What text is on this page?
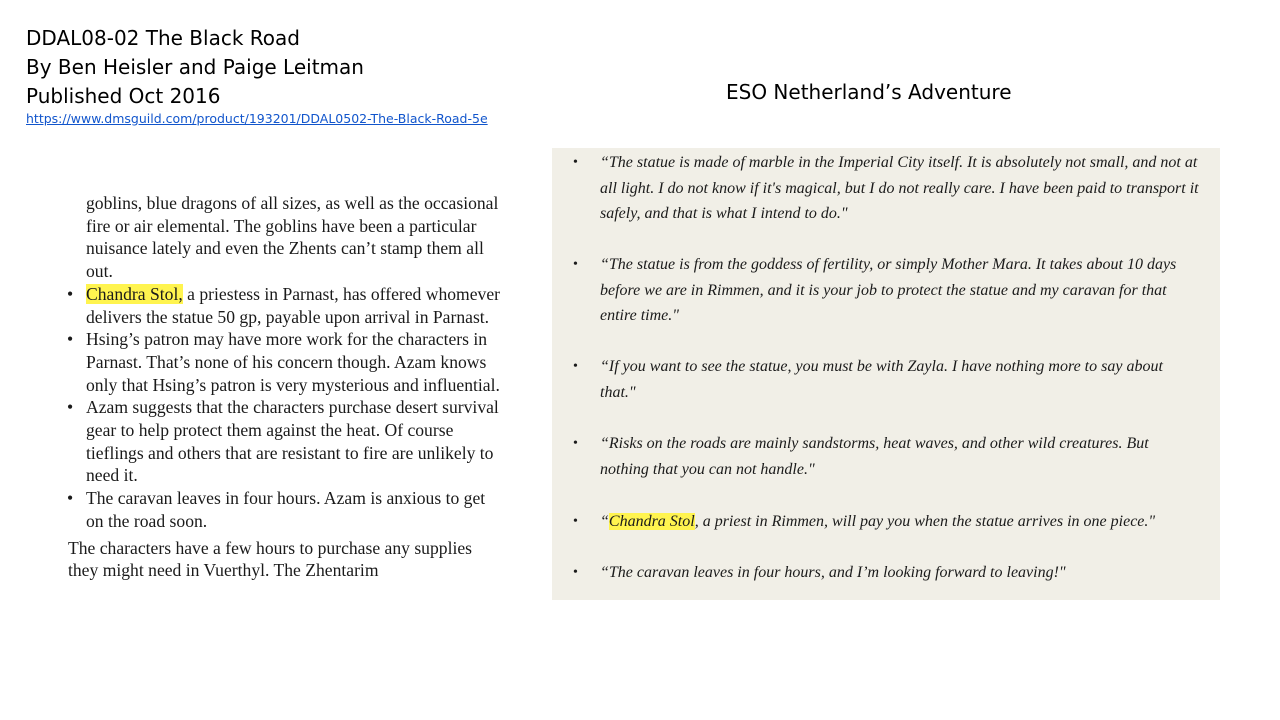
DDAL08-02 The Black Road
By Ben Heisler and Paige Leitman
Published Oct 2016
https://www.dmsguild.com/product/193201/DDAL0502-The-Black-Road-5e
ESO Netherland’s Adventure
goblins, blue dragons of all sizes, as well as the occasional fire or air elemental. The goblins have been a particular nuisance lately and even the Zhents can’t stamp them all out.
• Chandra Stol, a priestess in Parnast, has offered whomever delivers the statue 50 gp, payable upon arrival in Parnast.
• Hsing’s patron may have more work for the characters in Parnast. That’s none of his concern though. Azam knows only that Hsing’s patron is very mysterious and influential.
• Azam suggests that the characters purchase desert survival gear to help protect them against the heat. Of course tieflings and others that are resistant to fire are unlikely to need it.
• The caravan leaves in four hours. Azam is anxious to get on the road soon.
The characters have a few hours to purchase any supplies they might need in Vuerthyl. The Zhentarim
• “The statue is made of marble in the Imperial City itself. It is absolutely not small, and not at all light. I do not know if it's magical, but I do not really care. I have been paid to transport it safely, and that is what I intend to do."
• “The statue is from the goddess of fertility, or simply Mother Mara. It takes about 10 days before we are in Rimmen, and it is your job to protect the statue and my caravan for that entire time."
• “If you want to see the statue, you must be with Zayla. I have nothing more to say about that."
• “Risks on the roads are mainly sandstorms, heat waves, and other wild creatures. But nothing that you can not handle."
• “Chandra Stol, a priest in Rimmen, will pay you when the statue arrives in one piece."
• “The caravan leaves in four hours, and I’m looking forward to leaving!"
